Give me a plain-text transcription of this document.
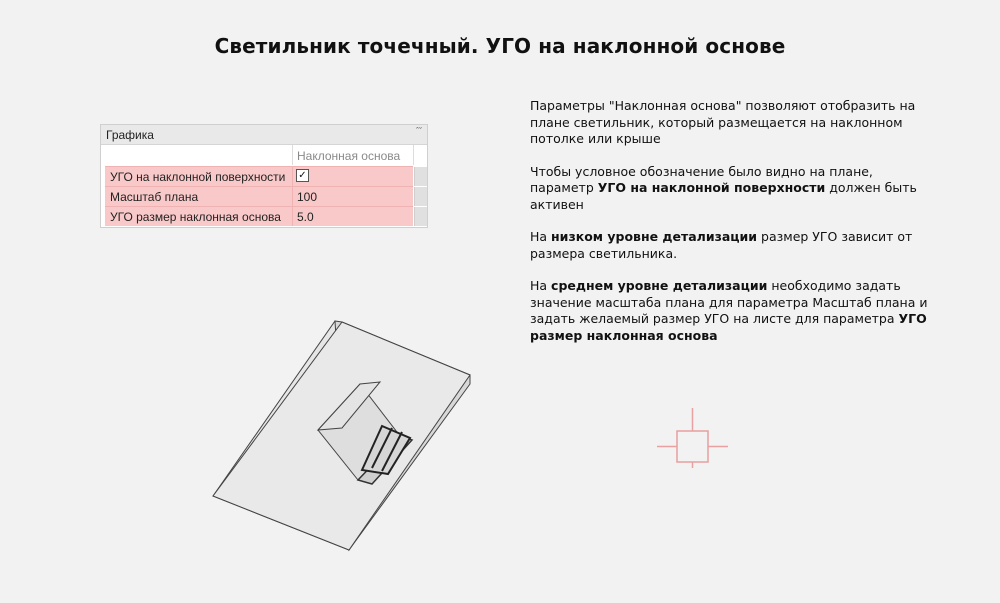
Светильник точечный. УГО на наклонной основе
Графика	ˆˇ
Наклонная основа
УГО на наклонной поверхности ✓
Масштаб плана	100
УГО размер наклонная основа 5.0

Параметры "Наклонная основа" позволяют отобразить на плане светильник, который размещается на наклонном потолке или крыше

Чтобы условное обозначение было видно на плане, параметр УГО на наклонной поверхности должен быть активен

На низком уровне детализации размер УГО зависит от размера светильника.

На среднем уровне детализации необходимо задать значение масштаба плана для параметра Масштаб плана и задать желаемый размер УГО на листе для параметра УГО размер наклонная основа
